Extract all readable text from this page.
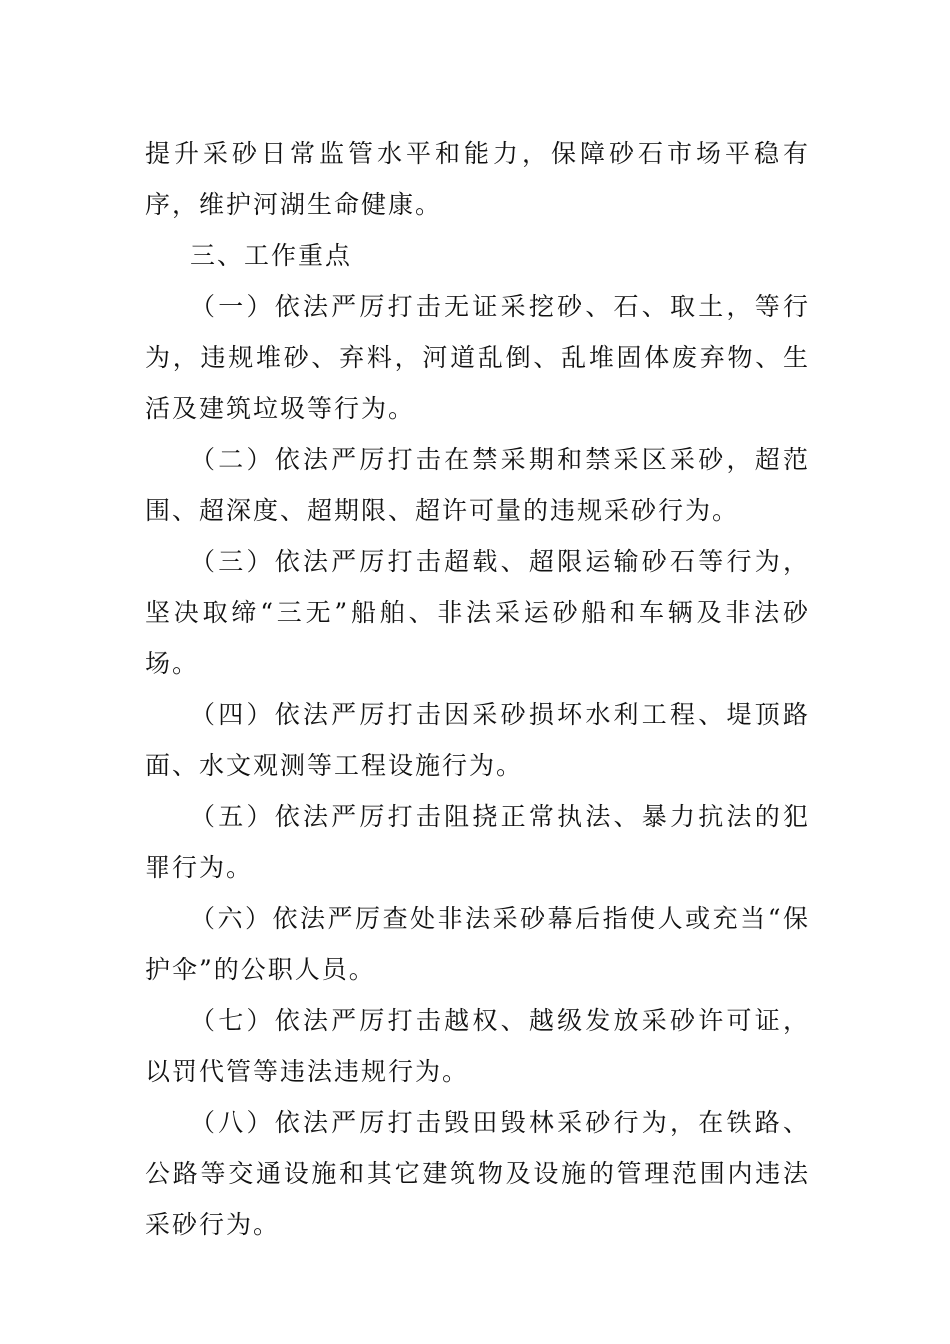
提升采砂日常监管水平和能力，保障砂石市场平稳有序，维护河湖生命健康。

三、工作重点

（一）依法严厉打击无证采挖砂、石、取土，等行为，违规堆砂、弃料，河道乱倒、乱堆固体废弃物、生活及建筑垃圾等行为。

（二）依法严厉打击在禁采期和禁采区采砂，超范围、超深度、超期限、超许可量的违规采砂行为。

（三）依法严厉打击超载、超限运输砂石等行为，坚决取缔“三无”船舶、非法采运砂船和车辆及非法砂场。

（四）依法严厉打击因采砂损坏水利工程、堤顶路面、水文观测等工程设施行为。

（五）依法严厉打击阻挠正常执法、暴力抗法的犯罪行为。

（六）依法严厉查处非法采砂幕后指使人或充当“保护伞”的公职人员。

（七）依法严厉打击越权、越级发放采砂许可证，以罚代管等违法违规行为。

（八）依法严厉打击毁田毁林采砂行为，在铁路、公路等交通设施和其它建筑物及设施的管理范围内违法采砂行为。
